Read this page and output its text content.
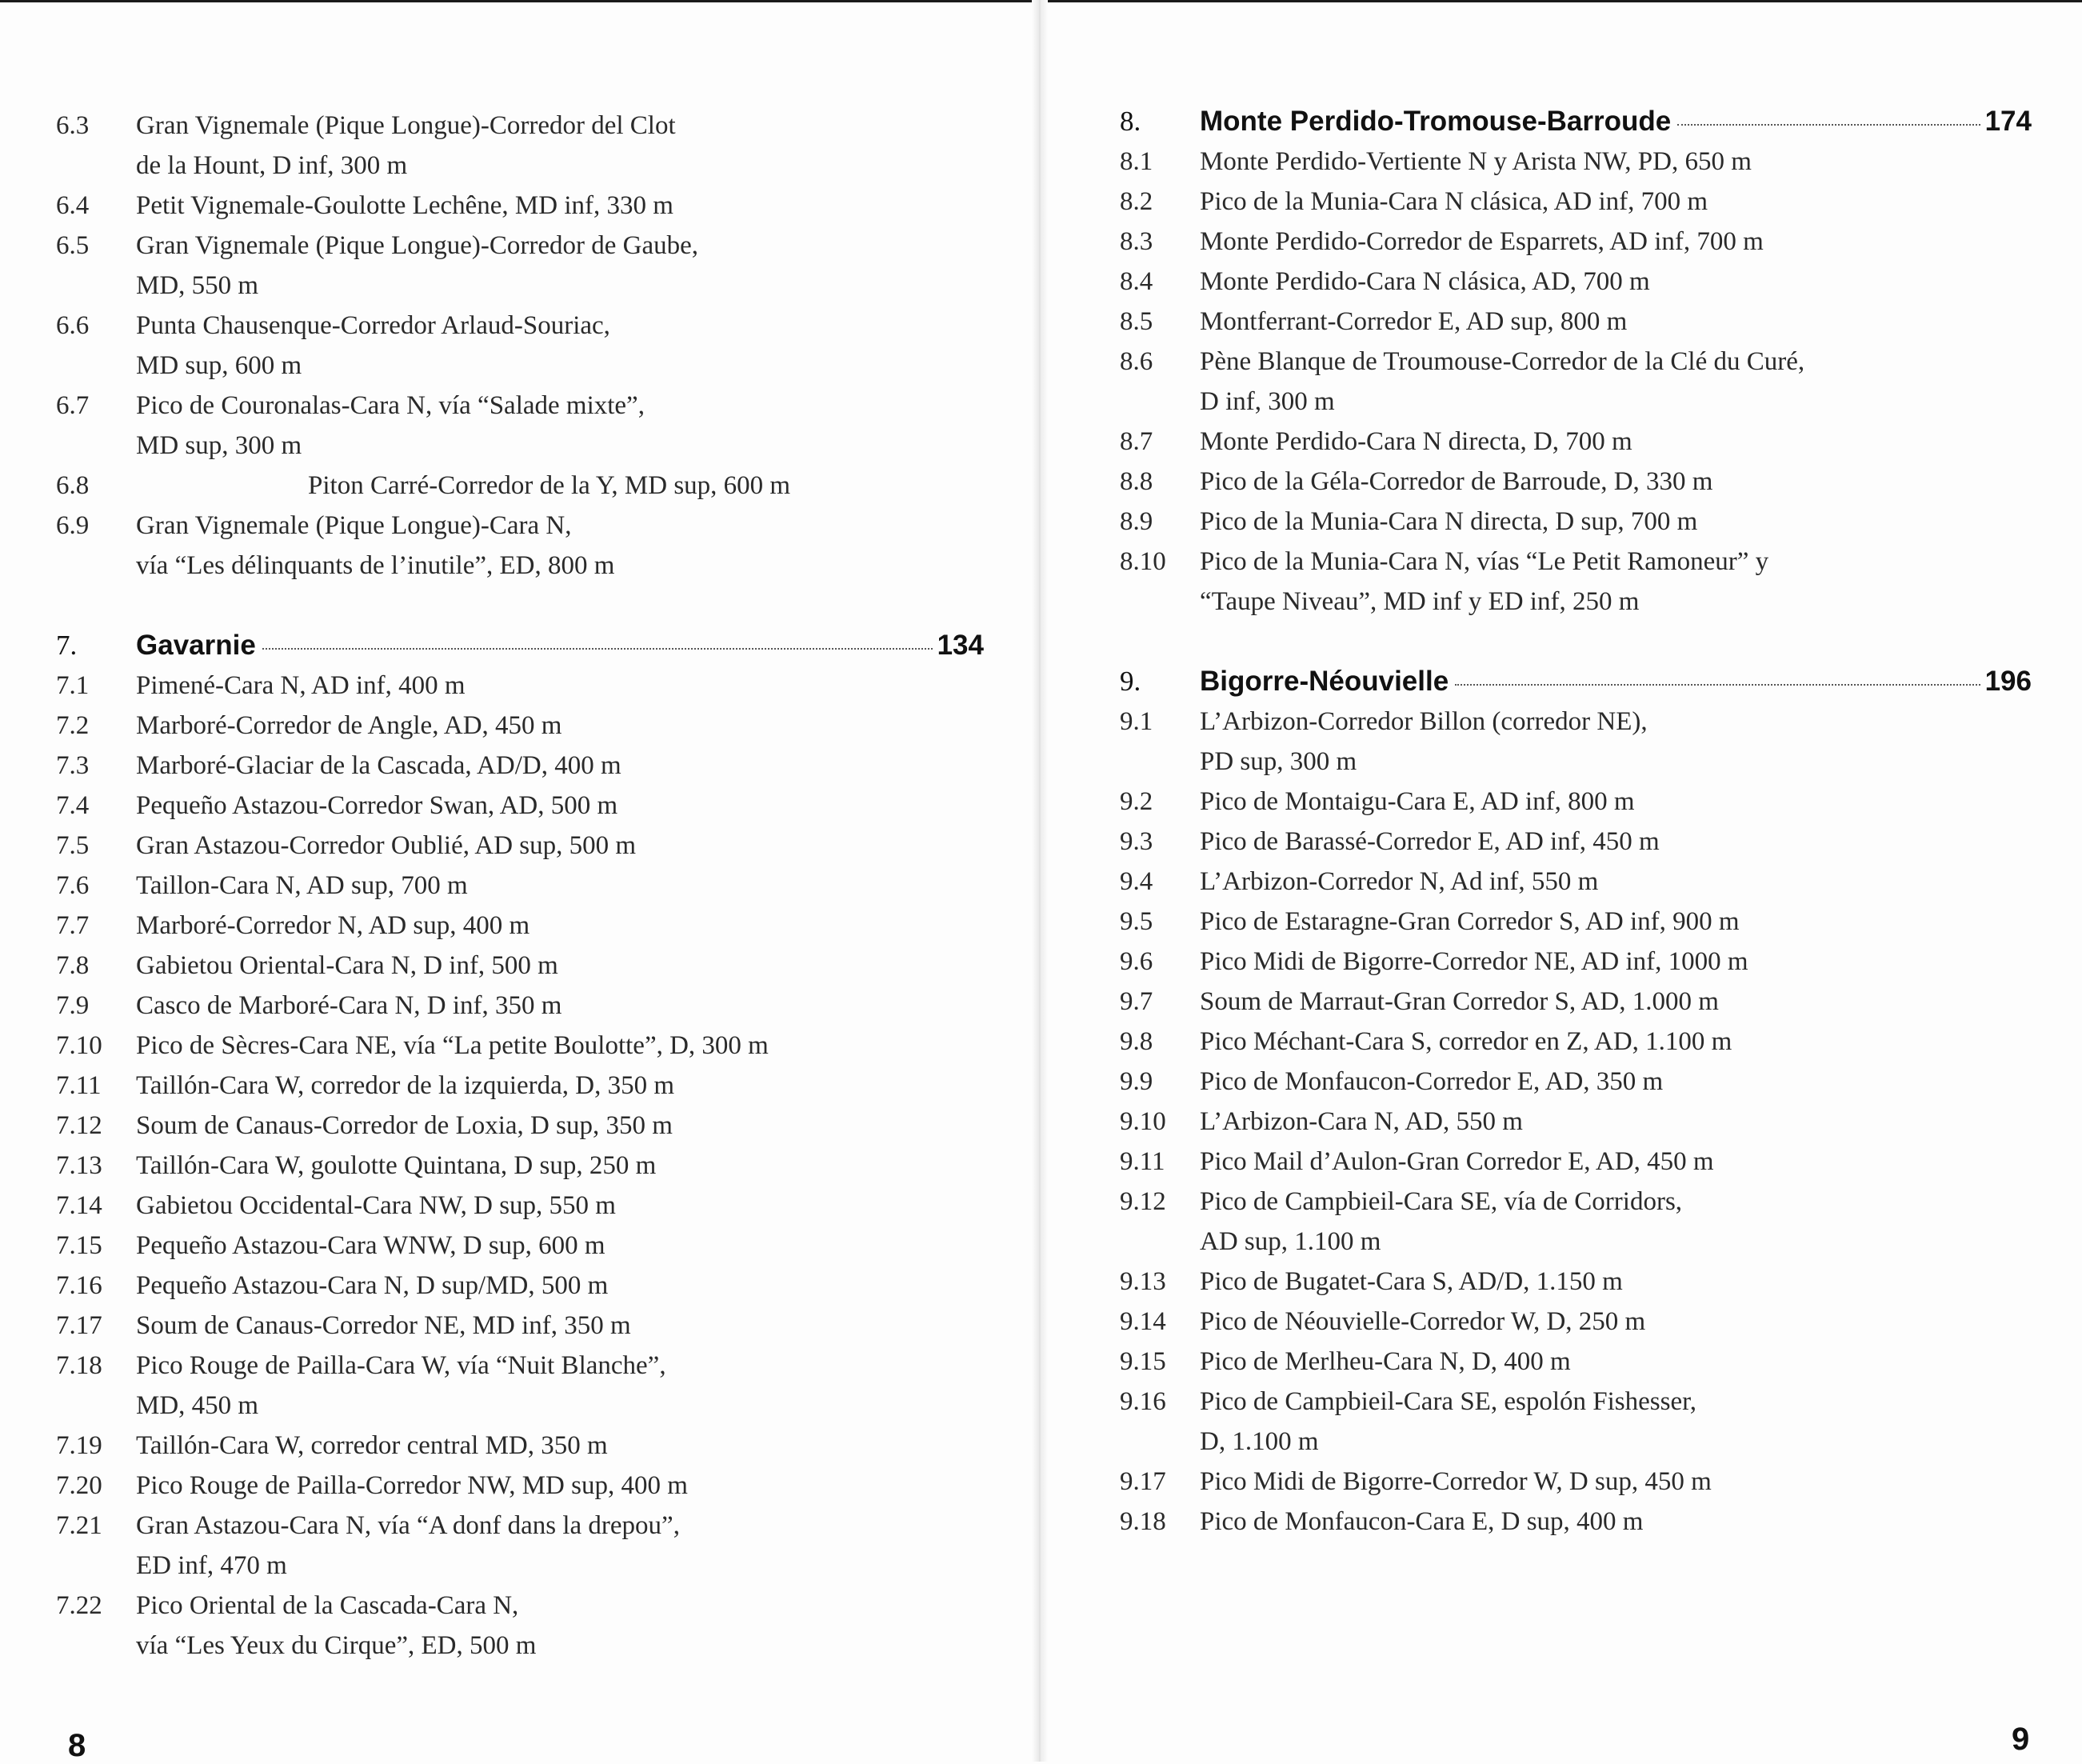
6.3	Gran Vignemale (Pique Longue)-Corredor del Clot
de la Hount, D inf, 300 m
6.4	Petit Vignemale-Goulotte Lechêne, MD inf, 330 m
6.5	Gran Vignemale (Pique Longue)-Corredor de Gaube,
MD, 550 m
6.6	Punta Chausenque-Corredor Arlaud-Souriac,
MD sup, 600 m
6.7	Pico de Couronalas-Cara N, vía “Salade mixte”,
MD sup, 300 m
6.8	Piton Carré-Corredor de la Y, MD sup, 600 m
6.9	Gran Vignemale (Pique Longue)-Cara N,
vía “Les délinquants de l’inutile”, ED, 800 m
7.	Gavarnie	134
7.1	Pimené-Cara N, AD inf, 400 m
7.2	Marboré-Corredor de Angle, AD, 450 m
7.3	Marboré-Glaciar de la Cascada, AD/D, 400 m
7.4	Pequeño Astazou-Corredor Swan, AD, 500 m
7.5	Gran Astazou-Corredor Oublié, AD sup, 500 m
7.6	Taillon-Cara N, AD sup, 700 m
7.7	Marboré-Corredor N, AD sup, 400 m
7.8	Gabietou Oriental-Cara N, D inf, 500 m
7.9	Casco de Marboré-Cara N, D inf, 350 m
7.10	Pico de Sècres-Cara NE, vía “La petite Boulotte”, D, 300 m
7.11	Taillón-Cara W, corredor de la izquierda, D, 350 m
7.12	Soum de Canaus-Corredor de Loxia, D sup, 350 m
7.13	Taillón-Cara W, goulotte Quintana, D sup, 250 m
7.14	Gabietou Occidental-Cara NW, D sup, 550 m
7.15	Pequeño Astazou-Cara WNW, D sup, 600 m
7.16	Pequeño Astazou-Cara N, D sup/MD, 500 m
7.17	Soum de Canaus-Corredor NE, MD inf, 350 m
7.18	Pico Rouge de Pailla-Cara W, vía “Nuit Blanche”,
MD, 450 m
7.19	Taillón-Cara W, corredor central MD, 350 m
7.20	Pico Rouge de Pailla-Corredor NW, MD sup, 400 m
7.21	Gran Astazou-Cara N, vía “A donf dans la drepou”,
ED inf, 470 m
7.22	Pico Oriental de la Cascada-Cara N,
vía “Les Yeux du Cirque”, ED, 500 m
8.	Monte Perdido-Tromouse-Barroude	174
8.1	Monte Perdido-Vertiente N y Arista NW, PD, 650 m
8.2	Pico de la Munia-Cara N clásica, AD inf, 700 m
8.3	Monte Perdido-Corredor de Esparrets, AD inf, 700 m
8.4	Monte Perdido-Cara N clásica, AD, 700 m
8.5	Montferrant-Corredor E, AD sup, 800 m
8.6	Pène Blanque de Troumouse-Corredor de la Clé du Curé,
D inf, 300 m
8.7	Monte Perdido-Cara N directa, D, 700 m
8.8	Pico de la Géla-Corredor de Barroude, D, 330 m
8.9	Pico de la Munia-Cara N directa, D sup, 700 m
8.10	Pico de la Munia-Cara N, vías “Le Petit Ramoneur” y
“Taupe Niveau”, MD inf y ED inf, 250 m
9.	Bigorre-Néouvielle	196
9.1	L’Arbizon-Corredor Billon (corredor NE),
PD sup, 300 m
9.2	Pico de Montaigu-Cara E, AD inf, 800 m
9.3	Pico de Barassé-Corredor E, AD inf, 450 m
9.4	L’Arbizon-Corredor N, Ad inf, 550 m
9.5	Pico de Estaragne-Gran Corredor S, AD inf, 900 m
9.6	Pico Midi de Bigorre-Corredor NE, AD inf, 1000 m
9.7	Soum de Marraut-Gran Corredor S, AD, 1.000 m
9.8	Pico Méchant-Cara S, corredor en Z, AD, 1.100 m
9.9	Pico de Monfaucon-Corredor E, AD, 350 m
9.10	L’Arbizon-Cara N, AD, 550 m
9.11	Pico Mail d’Aulon-Gran Corredor E, AD, 450 m
9.12	Pico de Campbieil-Cara SE, vía de Corridors,
AD sup, 1.100 m
9.13	Pico de Bugatet-Cara S, AD/D, 1.150 m
9.14	Pico de Néouvielle-Corredor W, D, 250 m
9.15	Pico de Merlheu-Cara N, D, 400 m
9.16	Pico de Campbieil-Cara SE, espolón Fishesser,
D, 1.100 m
9.17	Pico Midi de Bigorre-Corredor W, D sup, 450 m
9.18	Pico de Monfaucon-Cara E, D sup, 400 m
8	9
